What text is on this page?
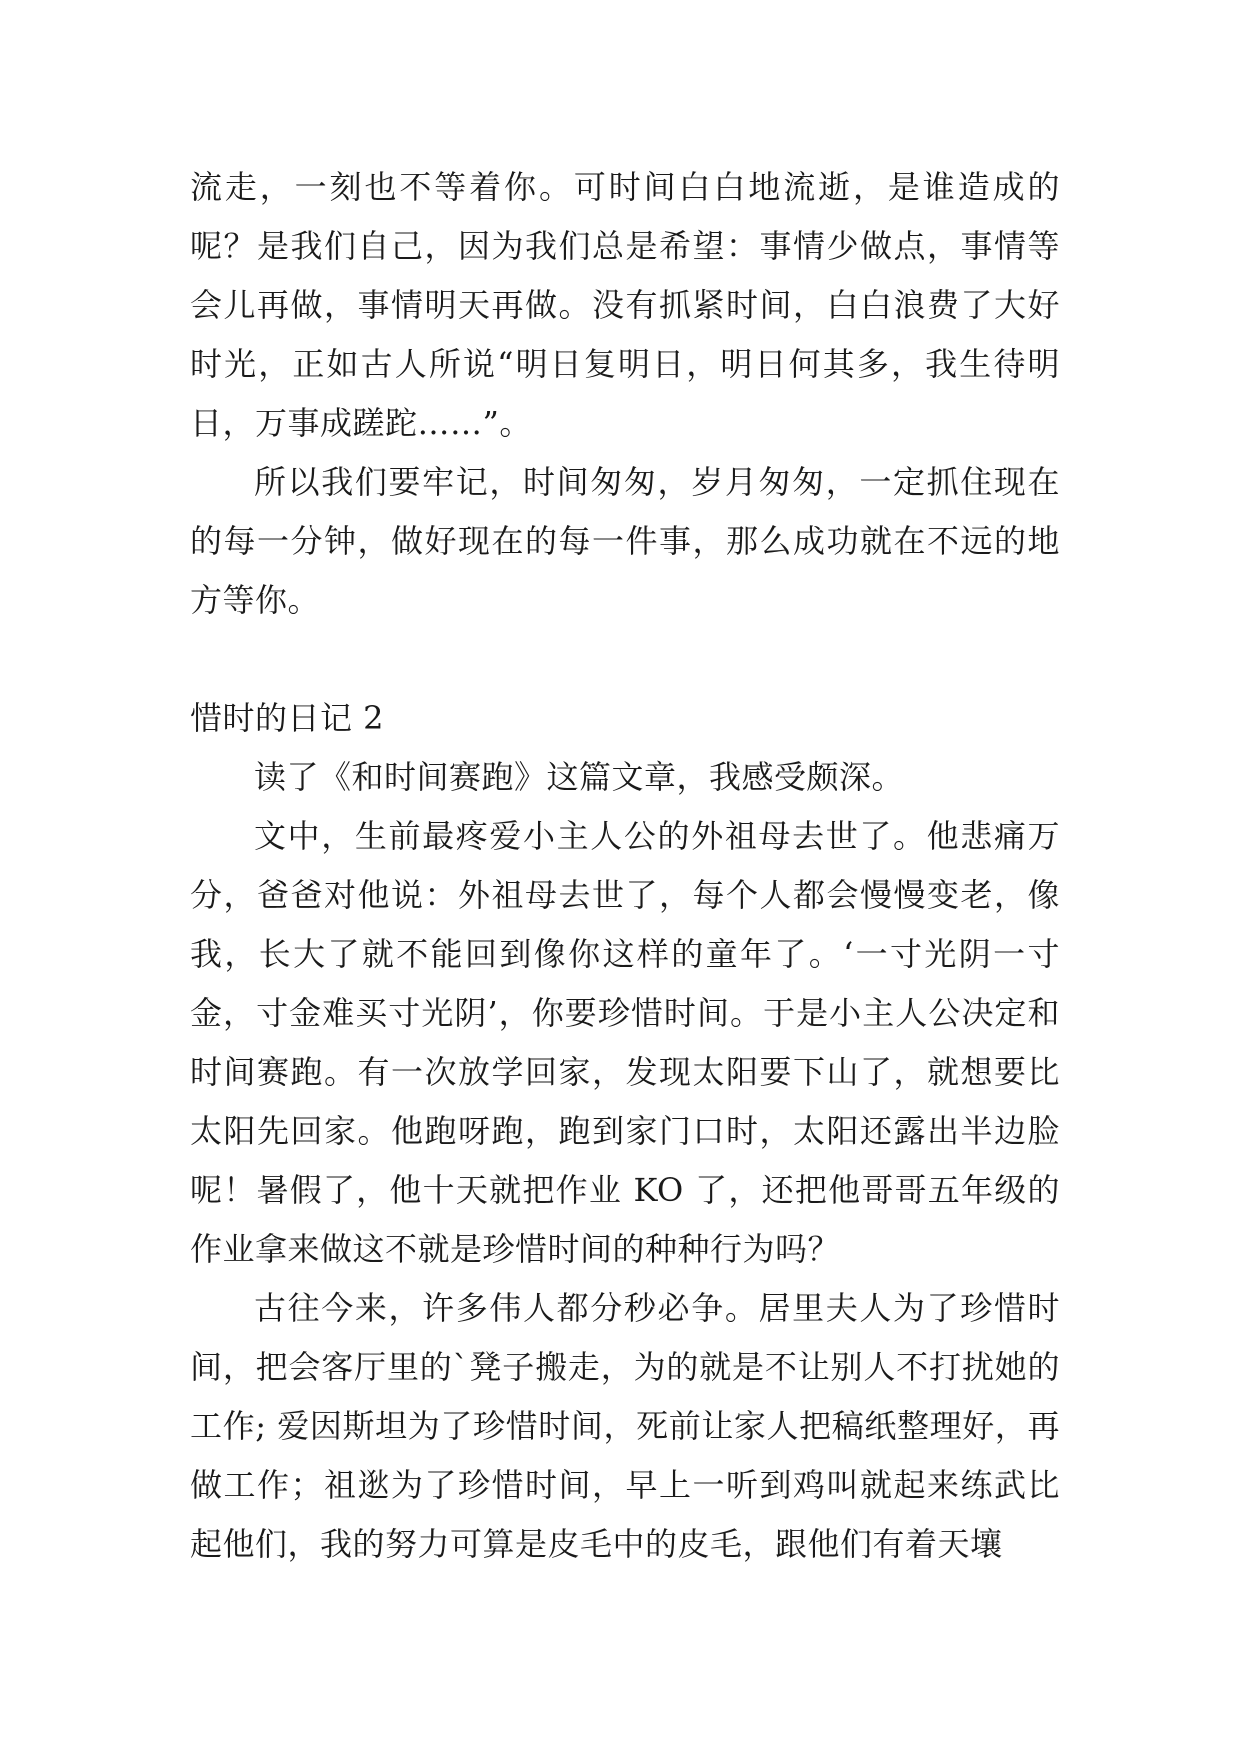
流走，一刻也不等着你。可时间白白地流逝，是谁造成的呢？是我们自己，因为我们总是希望：事情少做点，事情等会儿再做，事情明天再做。没有抓紧时间，白白浪费了大好时光，正如古人所说“明日复明日，明日何其多，我生待明日，万事成蹉跎……”。

所以我们要牢记，时间匆匆，岁月匆匆，一定抓住现在的每一分钟，做好现在的每一件事，那么成功就在不远的地方等你。

惜时的日记 2

读了《和时间赛跑》这篇文章，我感受颇深。

文中，生前最疼爱小主人公的外祖母去世了。他悲痛万分，爸爸对他说：外祖母去世了，每个人都会慢慢变老，像我，长大了就不能回到像你这样的童年了。‘一寸光阴一寸金，寸金难买寸光阴’，你要珍惜时间。于是小主人公决定和时间赛跑。有一次放学回家，发现太阳要下山了，就想要比太阳先回家。他跑呀跑，跑到家门口时，太阳还露出半边脸呢！暑假了，他十天就把作业 KO 了，还把他哥哥五年级的作业拿来做这不就是珍惜时间的种种行为吗？

古往今来，许多伟人都分秒必争。居里夫人为了珍惜时间，把会客厅里的`凳子搬走，为的就是不让别人不打扰她的工作; 爱因斯坦为了珍惜时间，死前让家人把稿纸整理好，再做工作；祖逖为了珍惜时间，早上一听到鸡叫就起来练武比起他们，我的努力可算是皮毛中的皮毛，跟他们有着天壤
